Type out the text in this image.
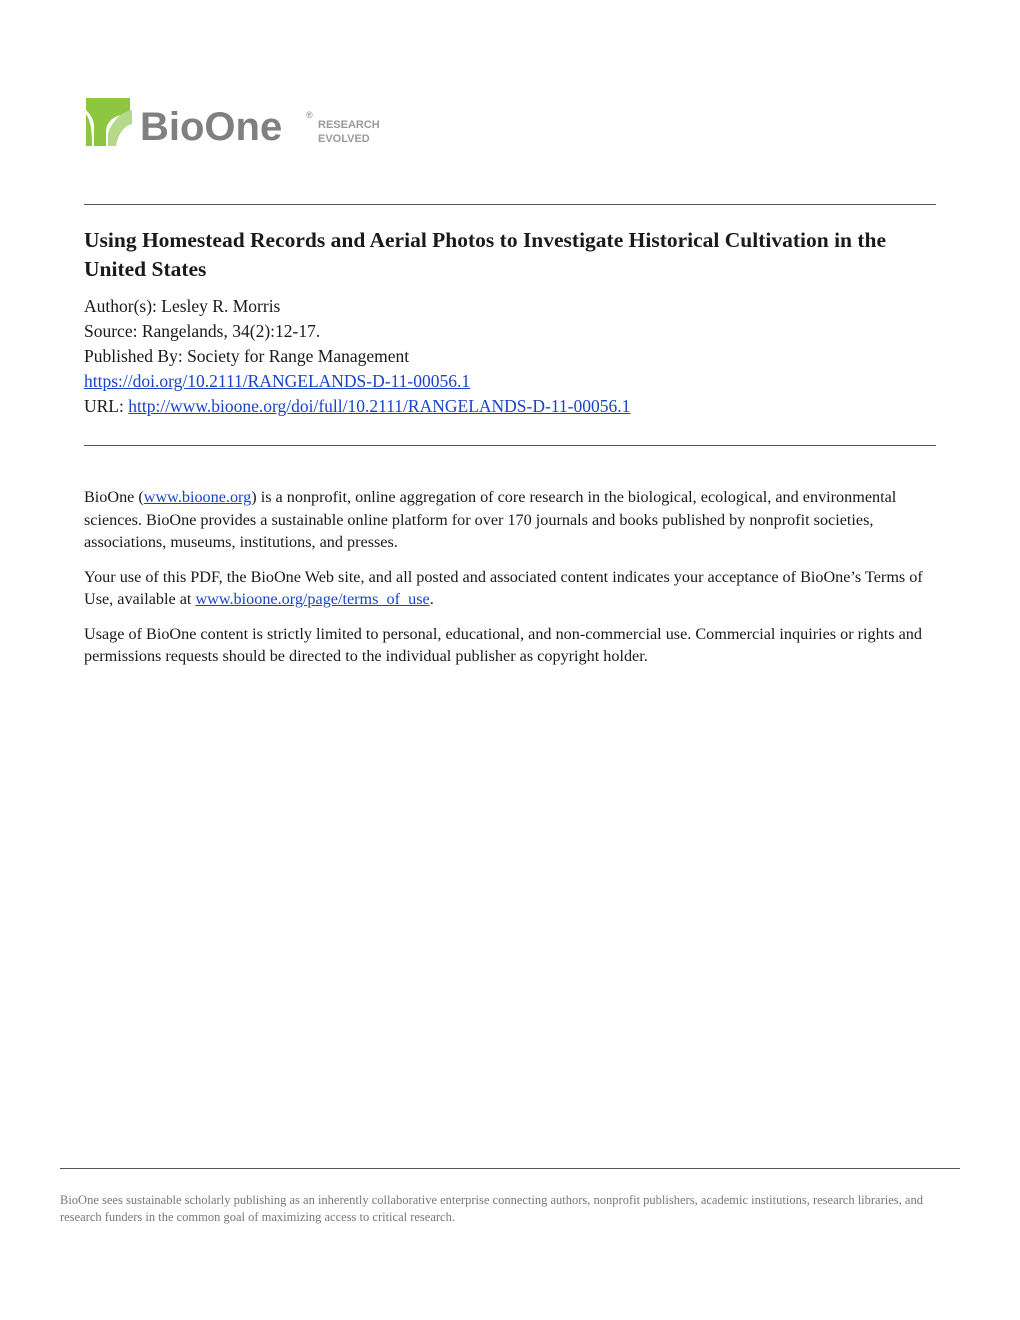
BioOne	®
RESEARCH
EVOLVED
Using Homestead Records and Aerial Photos to Investigate Historical Cultivation in the United States
Author(s): Lesley R. Morris
Source: Rangelands, 34(2):12-17.
Published By: Society for Range Management
https://doi.org/10.2111/RANGELANDS-D-11-00056.1
URL: http://www.bioone.org/doi/full/10.2111/RANGELANDS-D-11-00056.1

BioOne (www.bioone.org) is a nonprofit, online aggregation of core research in the biological, ecological, and environmental sciences. BioOne provides a sustainable online platform for over 170 journals and books published by nonprofit societies, associations, museums, institutions, and presses.

Your use of this PDF, the BioOne Web site, and all posted and associated content indicates your acceptance of BioOne’s Terms of Use, available at www.bioone.org/page/terms_of_use.

Usage of BioOne content is strictly limited to personal, educational, and non-commercial use. Commercial inquiries or rights and permissions requests should be directed to the individual publisher as copyright holder.

BioOne sees sustainable scholarly publishing as an inherently collaborative enterprise connecting authors, nonprofit publishers, academic institutions, research libraries, and research funders in the common goal of maximizing access to critical research.
